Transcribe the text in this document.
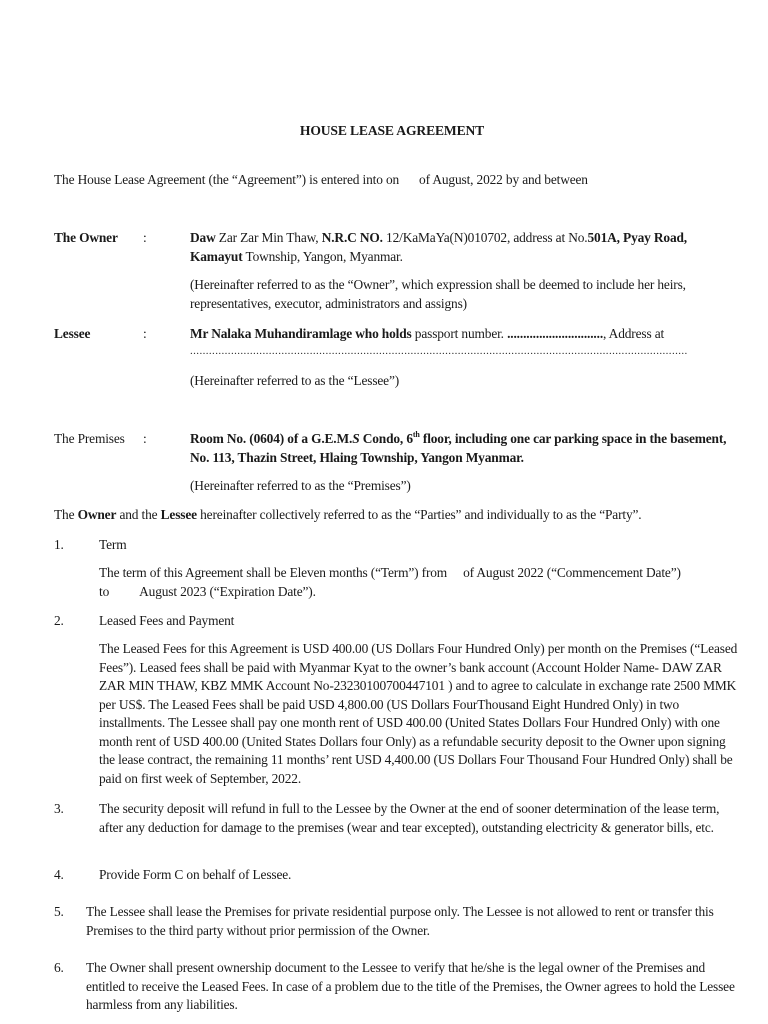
HOUSE LEASE AGREEMENT

The House Lease Agreement (the “Agreement”) is entered into on of August, 2022 by and between

The Owner :	Daw Zar Zar Min Thaw, N.R.C NO. 12/KaMaYa(N)010702, address at No.501A, Pyay Road, Kamayut Township, Yangon, Myanmar.

(Hereinafter referred to as the “Owner”, which expression shall be deemed to include her heirs, representatives, executor, administrators and assigns)

Lessee	:	Mr Nalaka Muhandiramlage who holds passport number. .............................., Address at

..............................................................................................................................................................

(Hereinafter referred to as the “Lessee”)

The Premises :	Room No. (0604) of a G.E.M.S Condo, 6th floor, including one car parking space in the basement, No. 113, Thazin Street, Hlaing Township, Yangon Myanmar.

(Hereinafter referred to as the “Premises”)

The Owner and the Lessee hereinafter collectively referred to as the “Parties” and individually to as the “Party”.

1.	Term

The term of this Agreement shall be Eleven months (“Term”) from of August 2022 (“Commencement Date”)
to August 2023 (“Expiration Date”).

2.	Leased Fees and Payment

The Leased Fees for this Agreement is USD 400.00 (US Dollars Four Hundred Only) per month on the Premises (“Leased Fees”). Leased fees shall be paid with Myanmar Kyat to the owner’s bank account (Account Holder Name- DAW ZAR ZAR MIN THAW, KBZ MMK Account No-23230100700447101 ) and to agree to calculate in exchange rate 2500 MMK per US$. The Leased Fees shall be paid USD 4,800.00 (US Dollars FourThousand Eight Hundred Only) in two installments. The Lessee shall pay one month rent of USD 400.00 (United States Dollars Four Hundred Only) with one month rent of USD 400.00 (United States Dollars four Only) as a refundable security deposit to the Owner upon signing the lease contract, the remaining 11 months’ rent USD 4,400.00 (US Dollars Four Thousand Four Hundred Only) shall be paid on first week of September, 2022.

3.	The security deposit will refund in full to the Lessee by the Owner at the end of sooner determination of the lease term, after any deduction for damage to the premises (wear and tear excepted), outstanding electricity & generator bills, etc.

4.	Provide Form C on behalf of Lessee.

5. The Lessee shall lease the Premises for private residential purpose only. The Lessee is not allowed to rent or transfer this Premises to the third party without prior permission of the Owner.

6. The Owner shall present ownership document to the Lessee to verify that he/she is the legal owner of the Premises and entitled to receive the Leased Fees. In case of a problem due to the title of the Premises, the Owner agrees to hold the Lessee harmless from any liabilities.
